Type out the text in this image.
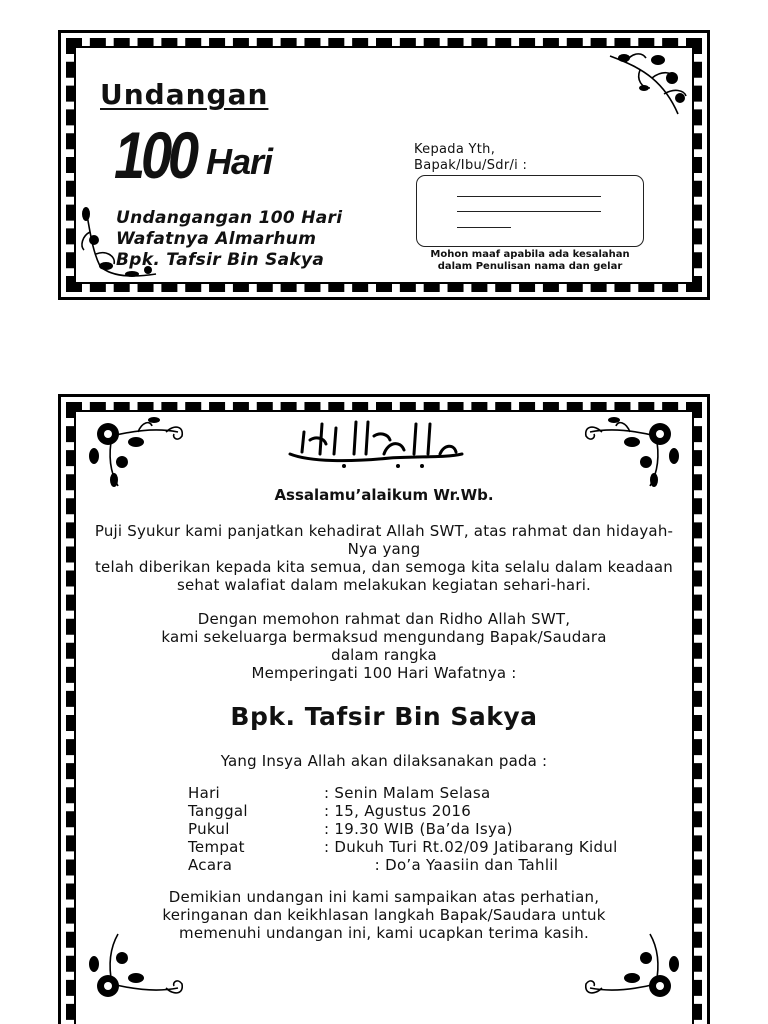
Undangan
100 Hari
Undangangan 100 Hari
Wafatnya Almarhum
Bpk. Tafsir Bin Sakya
Kepada Yth,
Bapak/Ibu/Sdr/i :
Mohon maaf apabila ada kesalahan dalam Penulisan nama dan gelar
Assalamu’alaikum Wr.Wb.
Puji Syukur kami panjatkan kehadirat Allah SWT, atas rahmat dan hidayah-
Nya yang
telah diberikan kepada kita semua, dan semoga kita selalu dalam keadaan
sehat walafiat dalam melakukan kegiatan sehari-hari.
Dengan memohon rahmat dan Ridho Allah SWT,
kami sekeluarga bermaksud mengundang Bapak/Saudara
dalam rangka
Memperingati 100 Hari Wafatnya :
Bpk. Tafsir Bin Sakya
Yang Insya Allah akan dilaksanakan pada :
Hari	: Senin Malam Selasa
Tanggal	: 15, Agustus 2016
Pukul	: 19.30 WIB (Ba’da Isya)
Tempat	: Dukuh Turi Rt.02/09 Jatibarang Kidul
Acara	: Do’a Yaasiin dan Tahlil
Demikian undangan ini kami sampaikan atas perhatian,
keringanan dan keikhlasan langkah Bapak/Saudara untuk
memenuhi undangan ini, kami ucapkan terima kasih.
